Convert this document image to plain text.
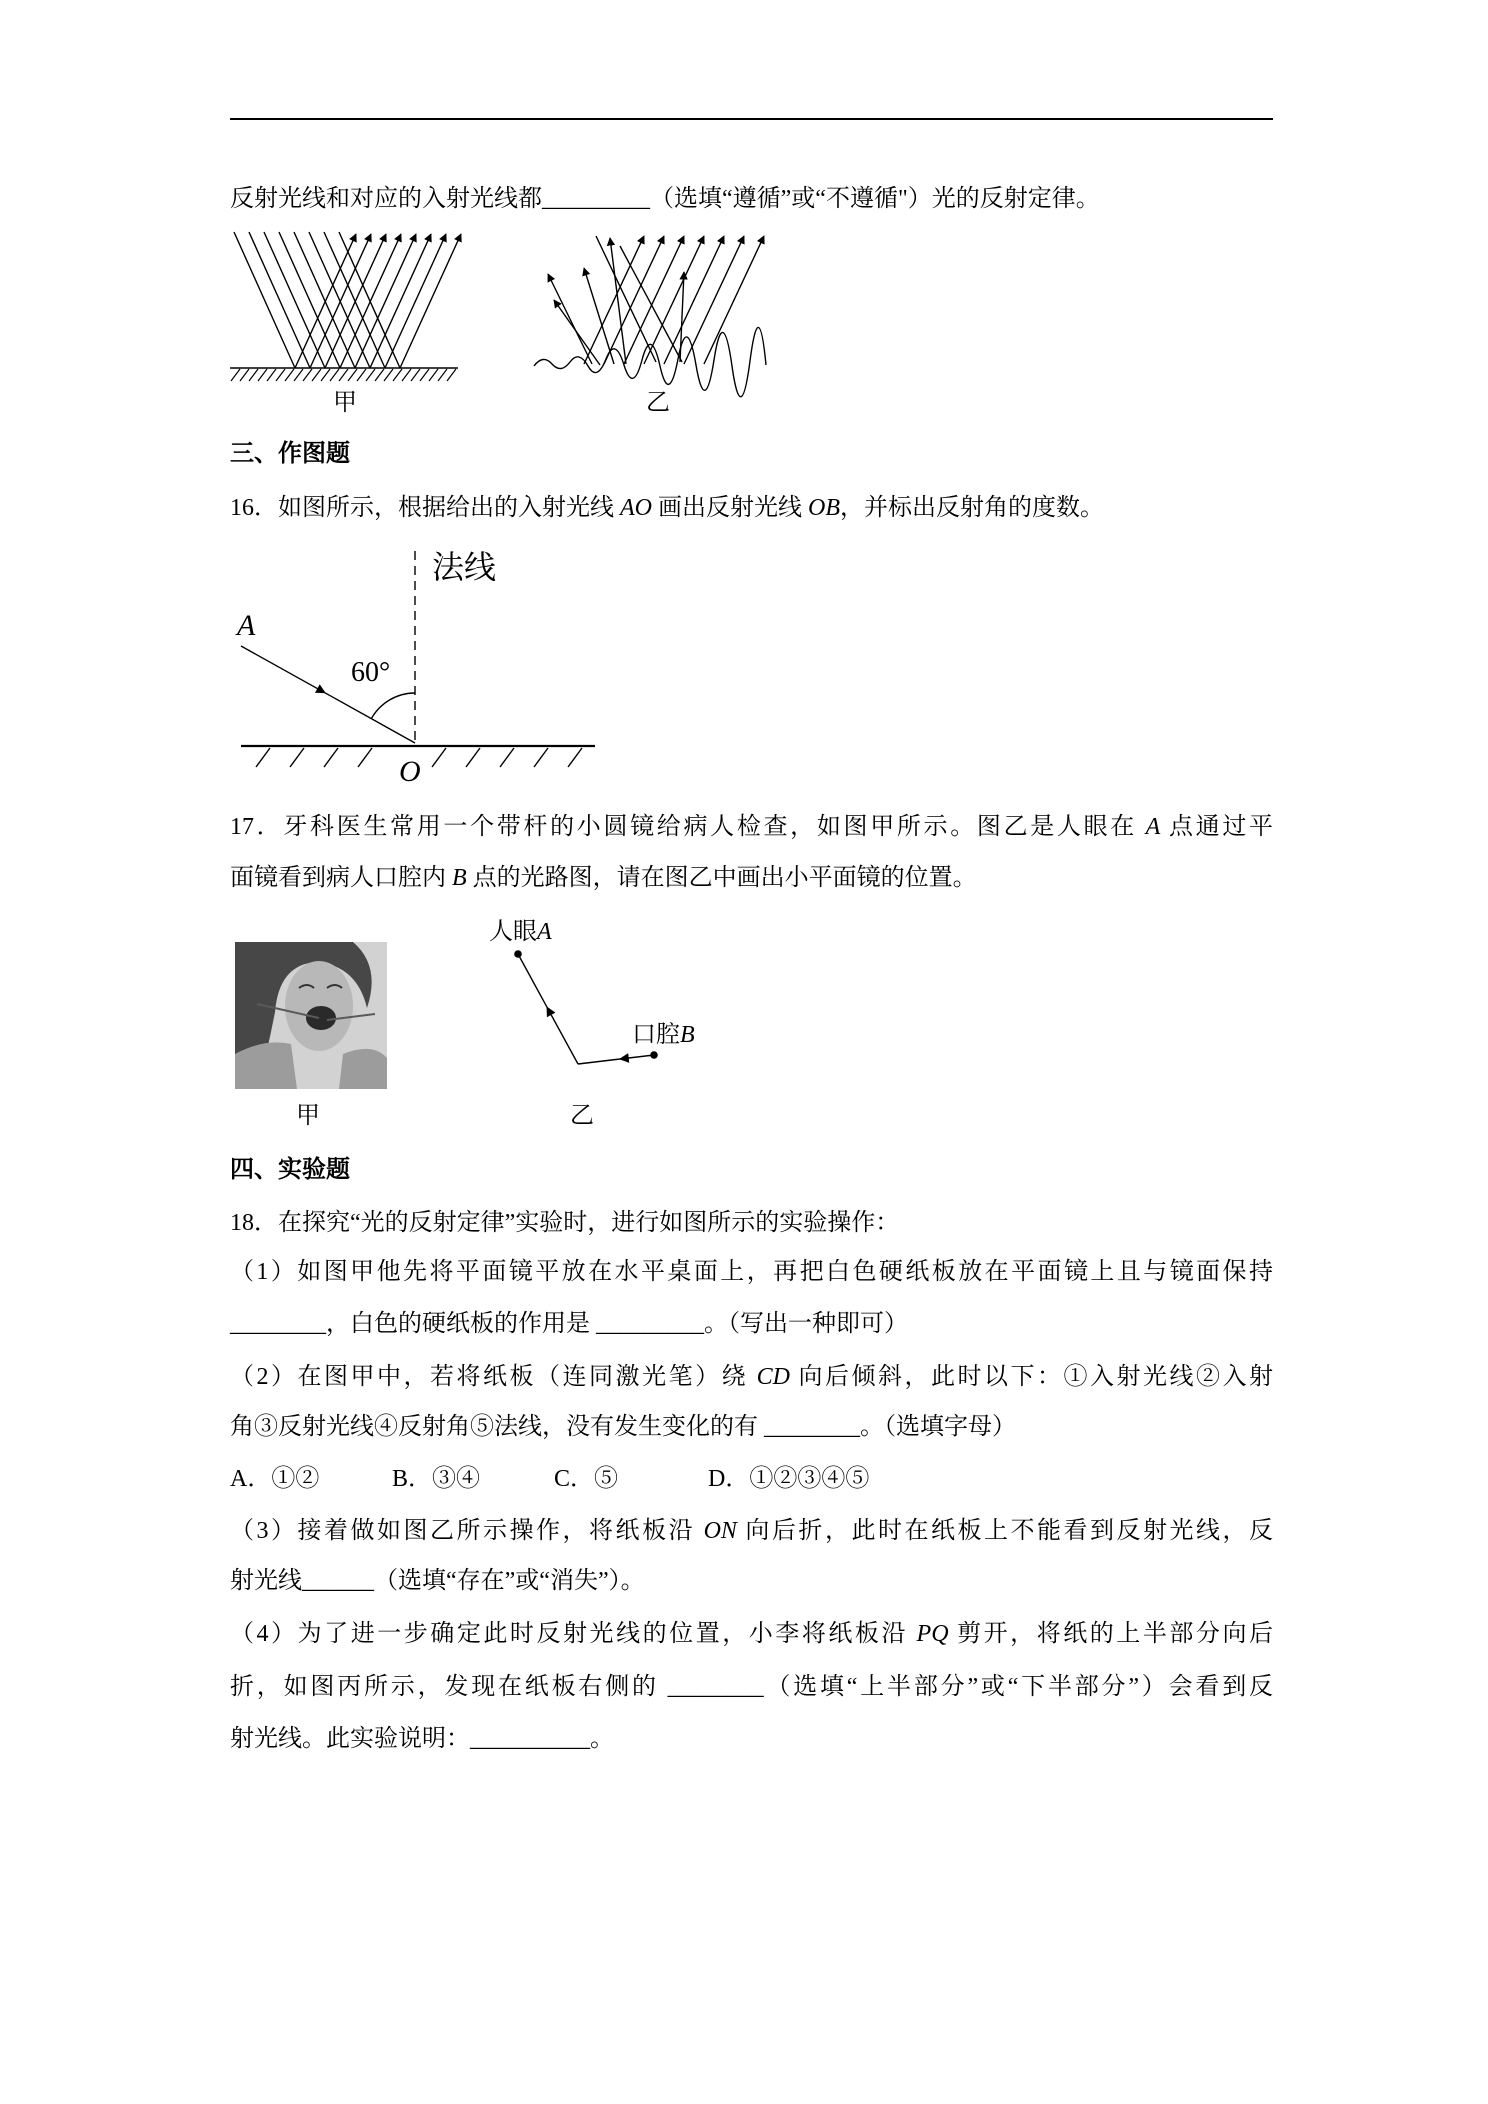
反射光线和对应的入射光线都_________（选填“遵循”或“不遵循"）光的反射定律。
甲	乙
三、作图题
16．如图所示，根据给出的入射光线 AO 画出反射光线 OB，并标出反射角的度数。
法线
A
60°
O
17．牙科医生常用一个带杆的小圆镜给病人检查，如图甲所示。图乙是人眼在 A 点通过平
面镜看到病人口腔内 B 点的光路图，请在图乙中画出小平面镜的位置。
人眼A
口腔B
甲	乙
四、实验题
18．在探究“光的反射定律”实验时，进行如图所示的实验操作：
（1）如图甲他先将平面镜平放在水平桌面上，再把白色硬纸板放在平面镜上且与镜面保持
________，白色的硬纸板的作用是 _________。（写出一种即可）
（2）在图甲中，若将纸板（连同激光笔）绕 CD 向后倾斜，此时以下：①入射光线②入射
角③反射光线④反射角⑤法线，没有发生变化的有 ________。（选填字母）
A．①②	B．③④	C．⑤	D．①②③④⑤
（3）接着做如图乙所示操作，将纸板沿 ON 向后折，此时在纸板上不能看到反射光线，反
射光线______（选填“存在”或“消失”）。
（4）为了进一步确定此时反射光线的位置，小李将纸板沿 PQ 剪开，将纸的上半部分向后
折，如图丙所示，发现在纸板右侧的 ________（选填“上半部分”或“下半部分”）会看到反
射光线。此实验说明：__________。
